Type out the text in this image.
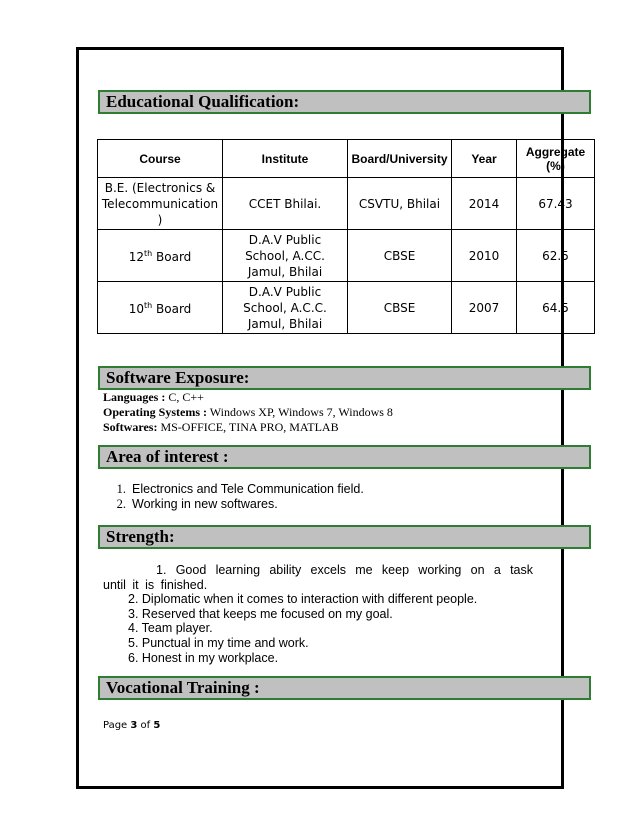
Educational Qualification:
Course	Institute	Board/University	Year	Aggregate (%)
B.E. (Electronics & Telecommunication )	CCET Bhilai.	CSVTU, Bhilai	2014	67.43
12th Board	D.A.V Public School, A.CC. Jamul, Bhilai	CBSE	2010	62.5
10th Board	D.A.V Public School, A.C.C. Jamul, Bhilai	CBSE	2007	64.5
Software Exposure:
Languages : C, C++
Operating Systems : Windows XP, Windows 7, Windows 8
Softwares: MS-OFFICE, TINA PRO, MATLAB
Area of interest :
1. Electronics and Tele Communication field.
2. Working in new softwares.
Strength:
1. Good learning ability excels me keep working on a task until it is finished.
2. Diplomatic when it comes to interaction with different people.
3. Reserved that keeps me focused on my goal.
4. Team player.
5. Punctual in my time and work.
6. Honest in my workplace.
Vocational Training :
Page 3 of 5
